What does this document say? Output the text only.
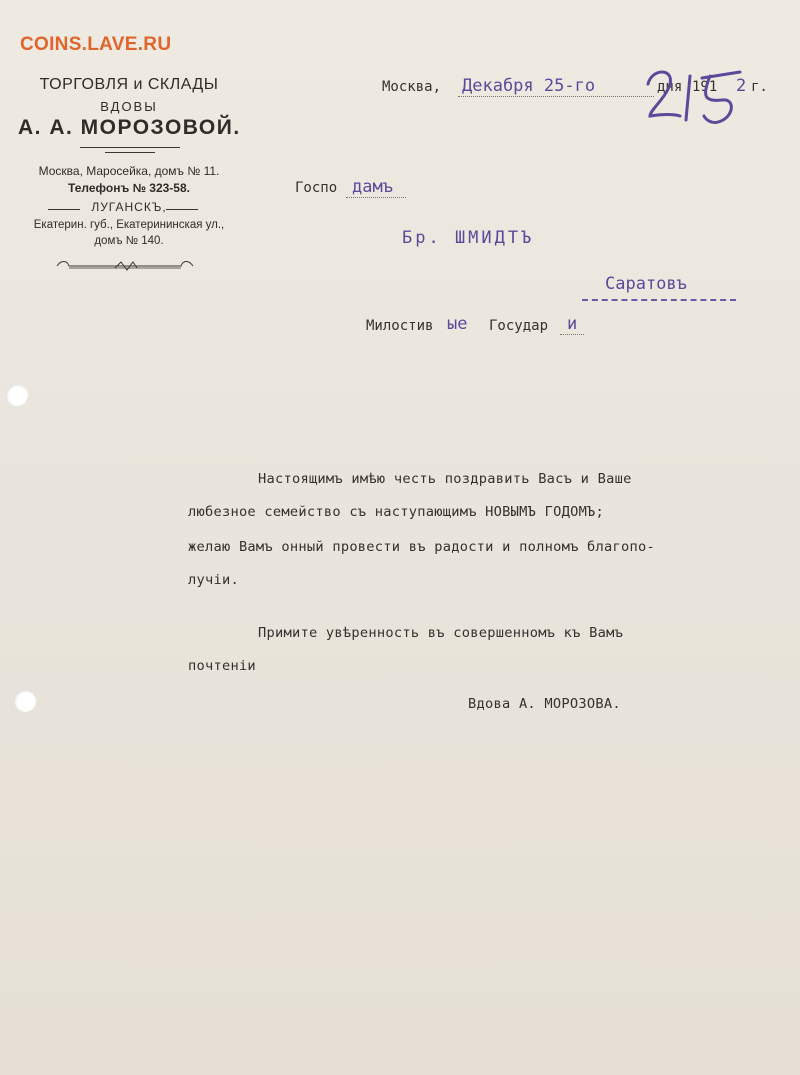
COINS.LAVE.RU
ТОРГОВЛЯ и СКЛАДЫ
ВДОВЫ
А. А. МОРОЗОВОЙ.
Москва, Маросейка, домъ № 11.
Телефонъ № 323-58.
ЛУГАНСКЪ,
Екатерин. губ., Екатерининская ул.,
домъ № 140.
Москва, Декабря 25-го	дня 191 2 г.
Госпо дамъ
Бр. ШМИДТЪ
Саратовъ
Милостив ые Государ и
Настоящимъ имѣю честь поздравить Васъ и Ваше
любезное семейство съ наступающимъ НОВЫМЪ ГОДОМЪ;
желаю Вамъ онный провести въ радости и полномъ благопо-
лучіи.
Примите увѣренность въ совершенномъ къ Вамъ
почтеніи
Вдова А. МОРОЗОВА.
